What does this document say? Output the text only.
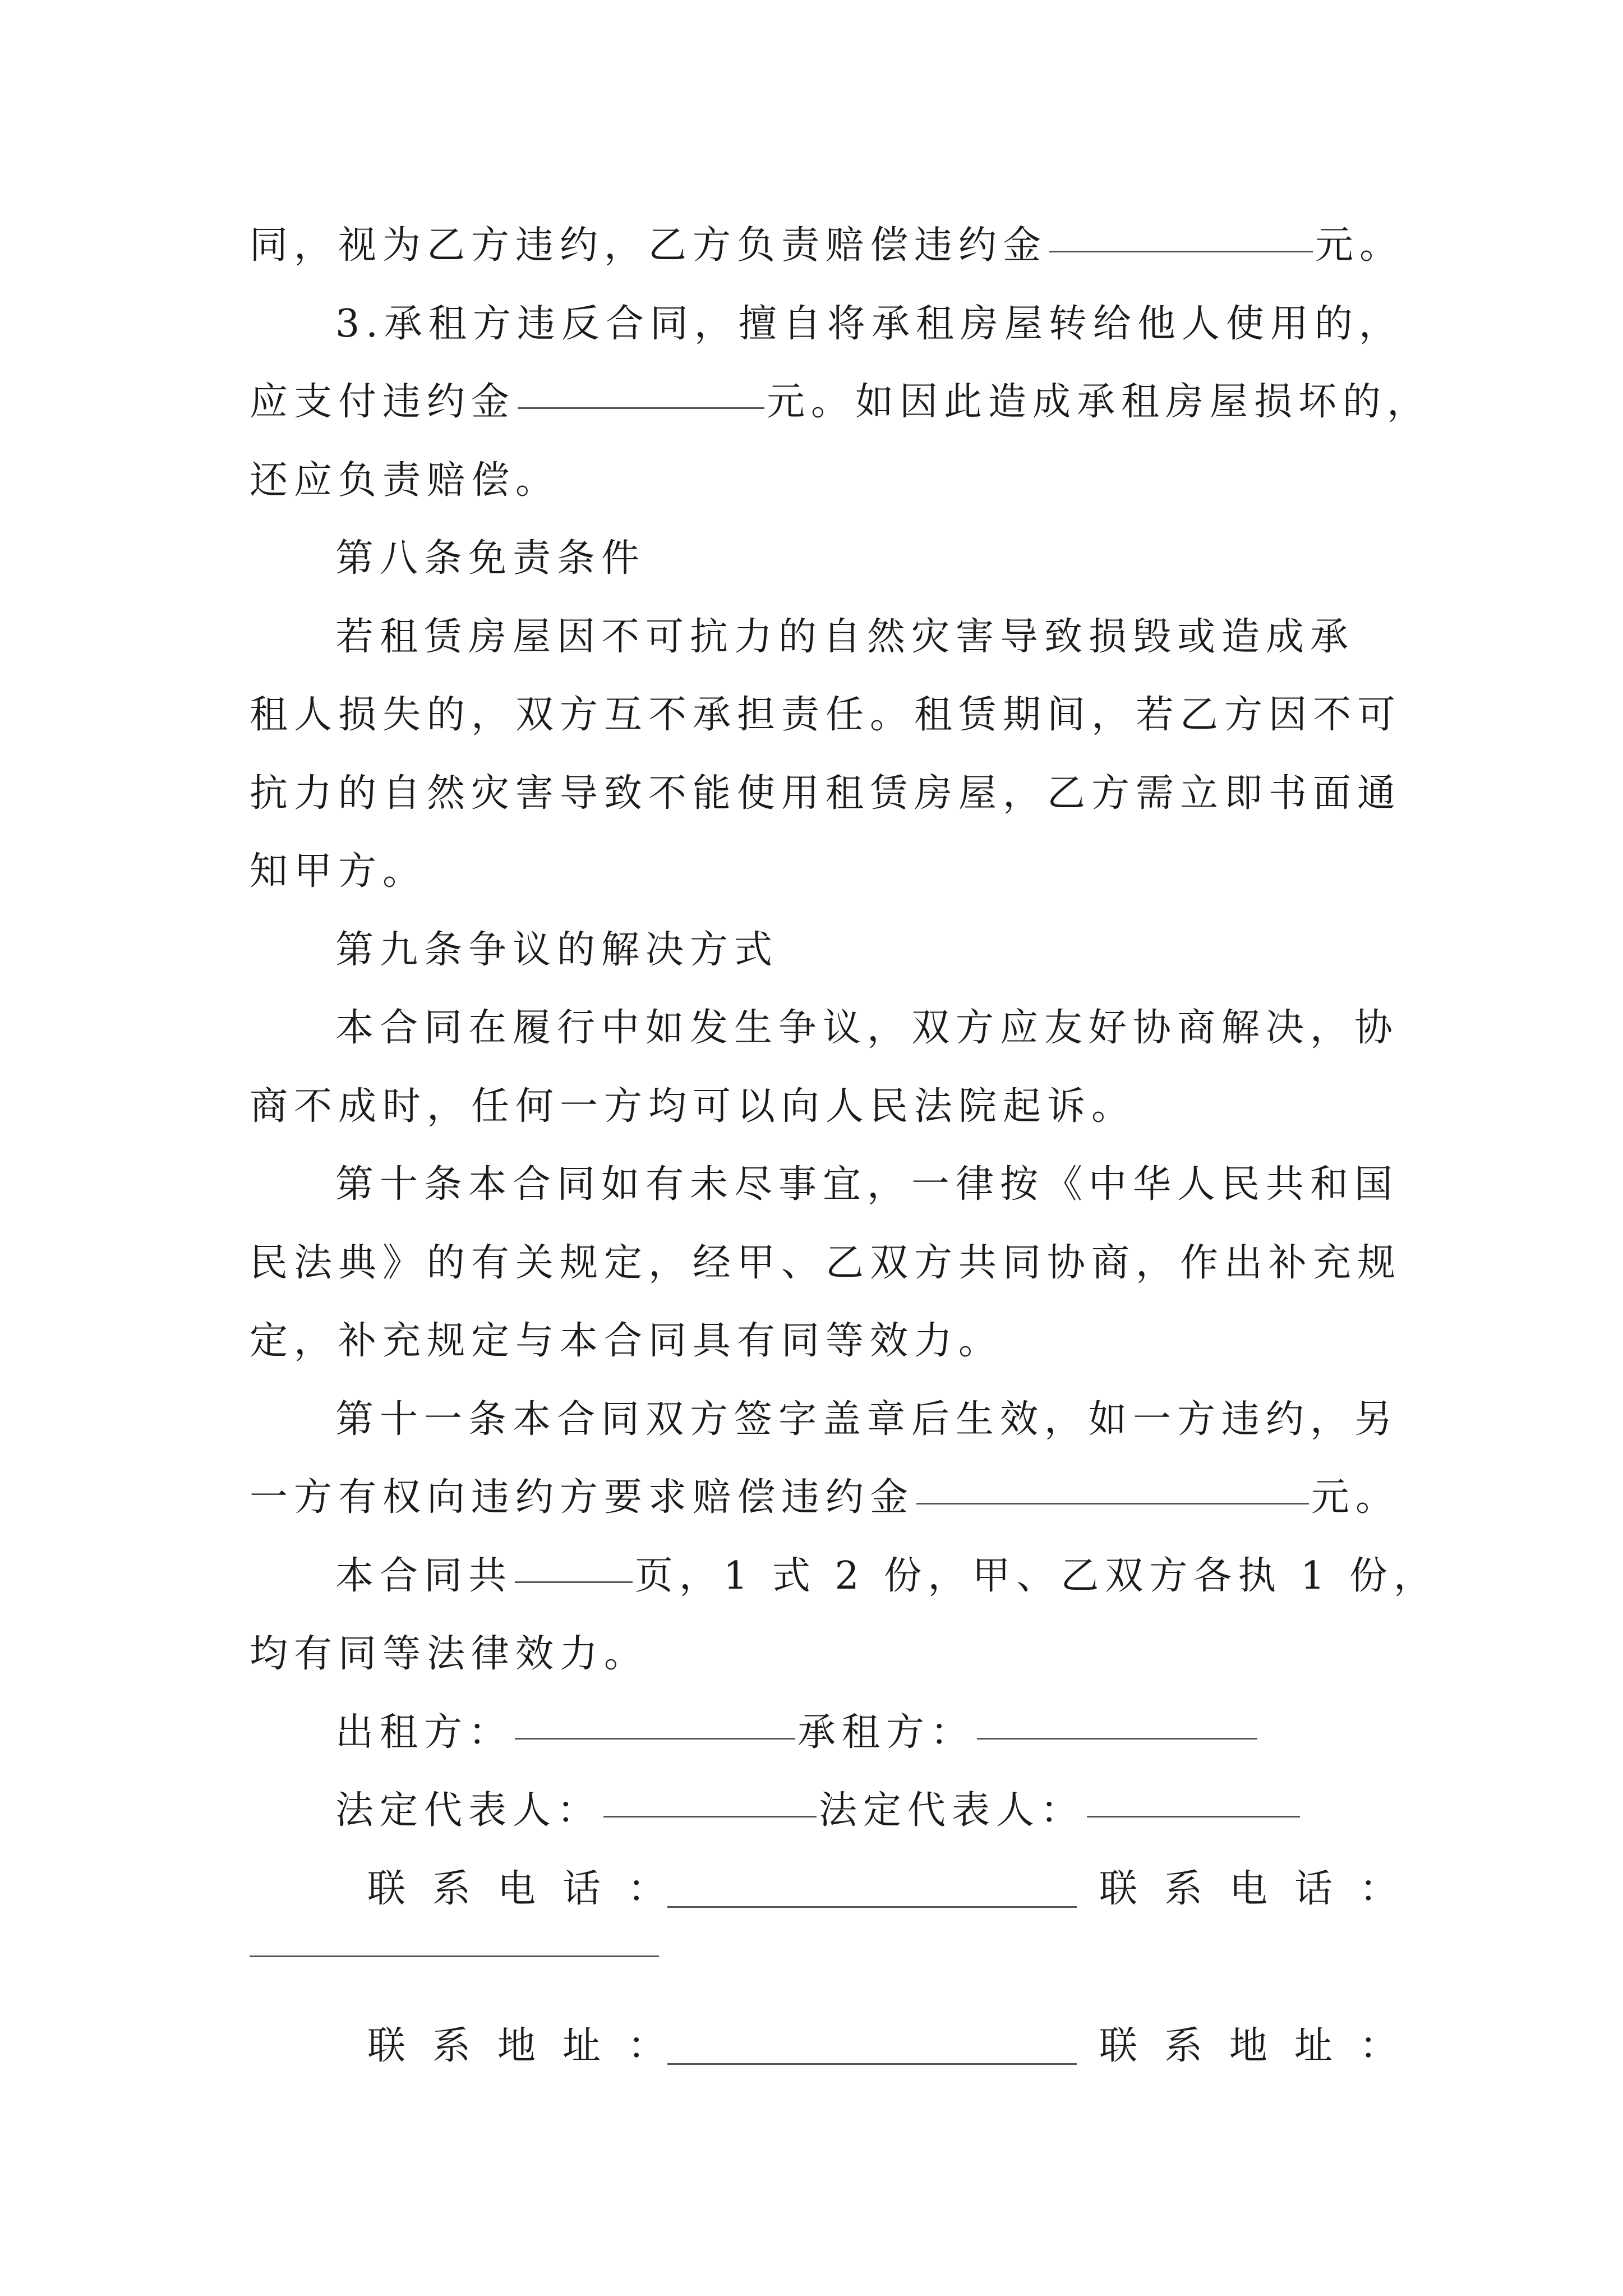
同，视为乙方违约，乙方负责赔偿违约金	元。
3.承租方违反合同，擅自将承租房屋转给他人使用的，
应支付违约金	元。如因此造成承租房屋损坏的，
还应负责赔偿。
第八条免责条件
若租赁房屋因不可抗力的自然灾害导致损毁或造成承
租人损失的，双方互不承担责任。租赁期间，若乙方因不可
抗力的自然灾害导致不能使用租赁房屋，乙方需立即书面通
知甲方。
第九条争议的解决方式
本合同在履行中如发生争议，双方应友好协商解决，协
商不成时，任何一方均可以向人民法院起诉。
第十条本合同如有未尽事宜，一律按《中华人民共和国
民法典》的有关规定，经甲、乙双方共同协商，作出补充规
定，补充规定与本合同具有同等效力。
第十一条本合同双方签字盖章后生效，如一方违约，另
一方有权向违约方要求赔偿违约金	元。
本合同共	页，1 式 2 份，甲、乙双方各执 1 份，
均有同等法律效力。
出租方：	承租方：
法定代表人：	法定代表人：
联系电话：	联系电话：
联系地址：	联系地址：
